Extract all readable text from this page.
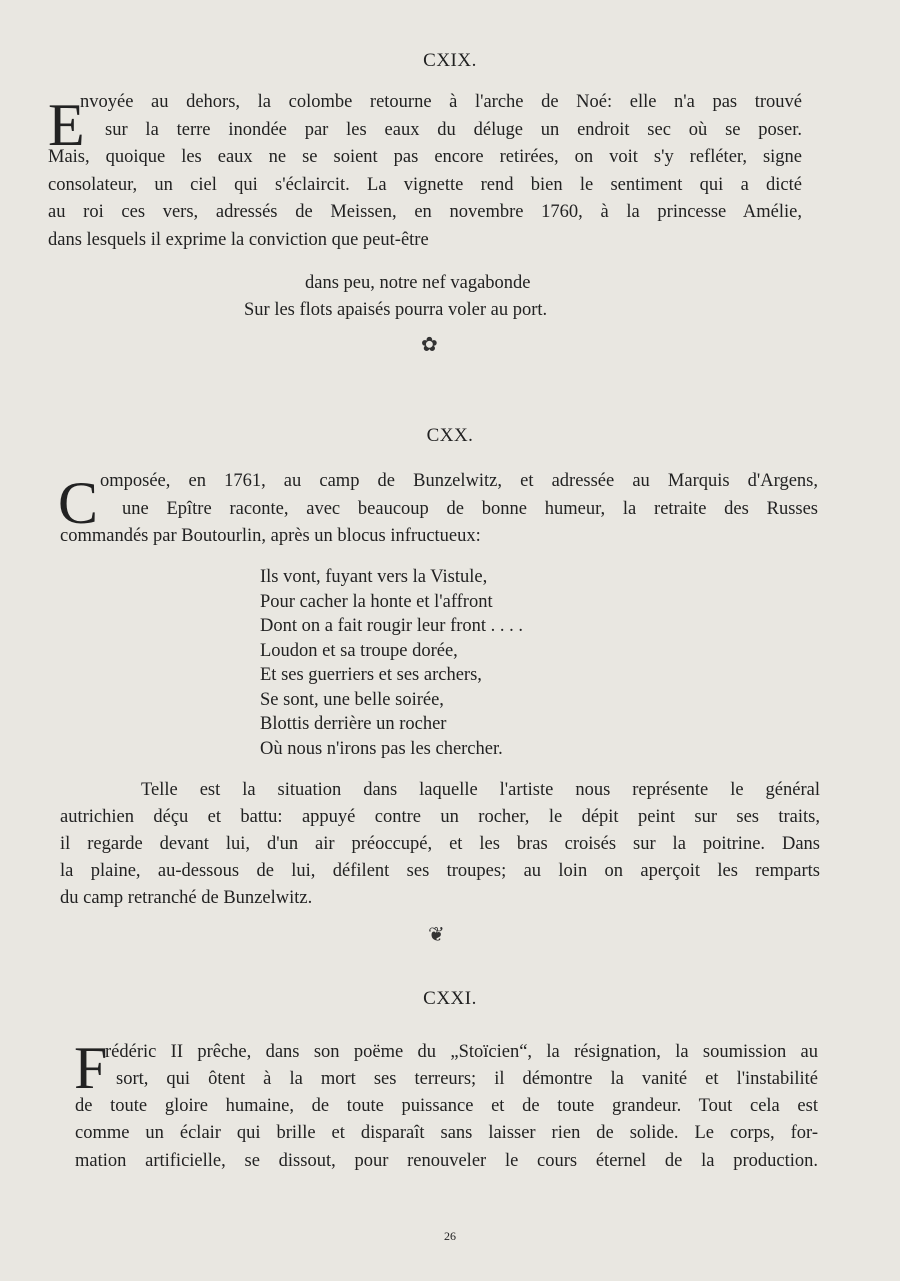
CXIX.
E
nvoyée au dehors, la colombe retourne à l'arche de Noé: elle n'a pas trouvé
sur la terre inondée par les eaux du déluge un endroit sec où se poser.
Mais, quoique les eaux ne se soient pas encore retirées, on voit s'y refléter, signe
consolateur, un ciel qui s'éclaircit. La vignette rend bien le sentiment qui a dicté
au roi ces vers, adressés de Meissen, en novembre 1760, à la princesse Amélie,
dans lesquels il exprime la conviction que peut-être
dans peu, notre nef vagabonde
Sur les flots apaisés pourra voler au port.
✿
CXX.
C omposée, en 1761, au camp de Bunzelwitz, et adressée au Marquis d'Argens,
une Epître raconte, avec beaucoup de bonne humeur, la retraite des Russes
commandés par Boutourlin, après un blocus infructueux:
Ils vont, fuyant vers la Vistule,
Pour cacher la honte et l'affront
Dont on a fait rougir leur front . . . .
Loudon et sa troupe dorée,
Et ses guerriers et ses archers,
Se sont, une belle soirée,
Blottis derrière un rocher
Où nous n'irons pas les chercher.
Telle est la situation dans laquelle l'artiste nous représente le général
autrichien déçu et battu: appuyé contre un rocher, le dépit peint sur ses traits,
il regarde devant lui, d'un air préoccupé, et les bras croisés sur la poitrine. Dans
la plaine, au-dessous de lui, défilent ses troupes; au loin on aperçoit les remparts
du camp retranché de Bunzelwitz.
❦
CXXI.
F
rédéric II prêche, dans son poëme du „Stoïcien“, la résignation, la soumission au
sort, qui ôtent à la mort ses terreurs; il démontre la vanité et l'instabilité
de toute gloire humaine, de toute puissance et de toute grandeur. Tout cela est
comme un éclair qui brille et disparaît sans laisser rien de solide. Le corps, for-
mation artificielle, se dissout, pour renouveler le cours éternel de la production.
26
